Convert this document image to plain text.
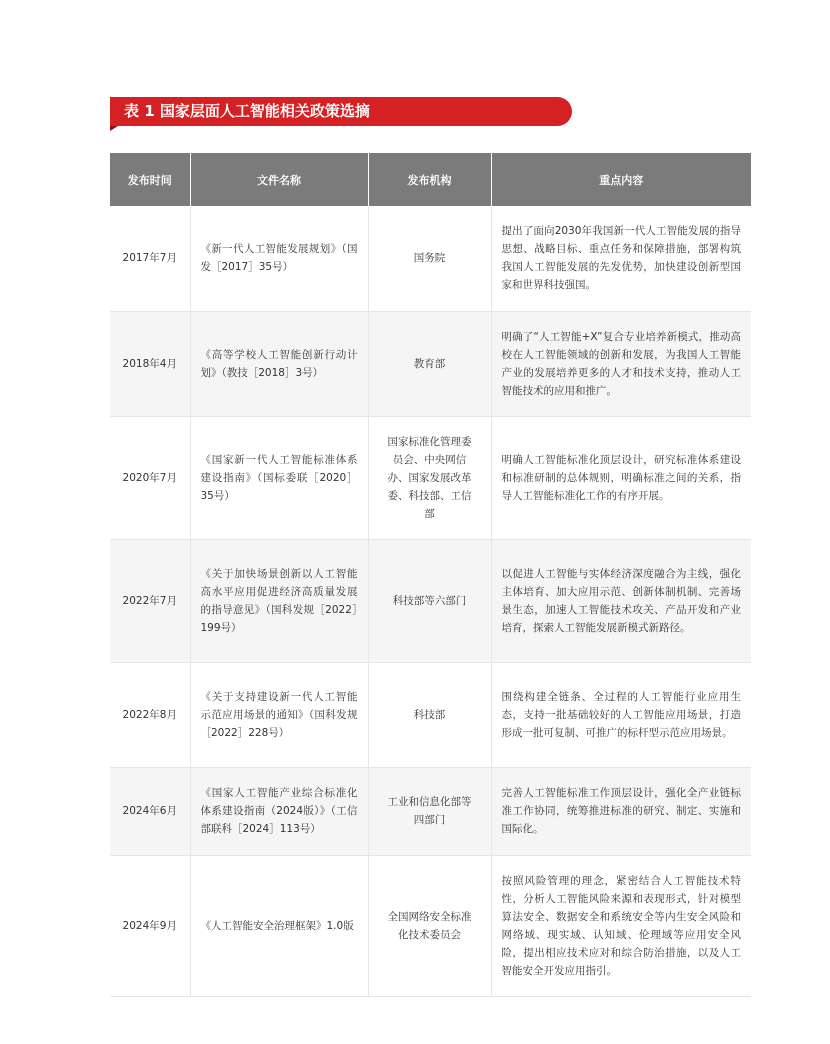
表 1 国家层面人工智能相关政策选摘
发布时间	文件名称	发布机构	重点内容
2017年7月	《新一代人工智能发展规划》（国发［2017］35号）	国务院	提出了面向2030年我国新一代人工智能发展的指导思想、战略目标、重点任务和保障措施，部署构筑我国人工智能发展的先发优势，加快建设创新型国家和世界科技强国。
2018年4月	《高等学校人工智能创新行动计划》（教技［2018］3号）	教育部	明确了“人工智能+X”复合专业培养新模式，推动高校在人工智能领域的创新和发展，为我国人工智能产业的发展培养更多的人才和技术支持，推动人工智能技术的应用和推广。
2020年7月	《国家新一代人工智能标准体系建设指南》（国标委联［2020］35号）	国家标准化管理委员会、中央网信办、国家发展改革委、科技部、工信部	明确人工智能标准化顶层设计，研究标准体系建设和标准研制的总体规则，明确标准之间的关系，指导人工智能标准化工作的有序开展。
2022年7月	《关于加快场景创新以人工智能高水平应用促进经济高质量发展的指导意见》（国科发规［2022］199号）	科技部等六部门	以促进人工智能与实体经济深度融合为主线，强化主体培育、加大应用示范、创新体制机制、完善场景生态，加速人工智能技术攻关、产品开发和产业培育，探索人工智能发展新模式新路径。
2022年8月	《关于支持建设新一代人工智能示范应用场景的通知》（国科发规［2022］228号）	科技部	围绕构建全链条、全过程的人工智能行业应用生态，支持一批基础较好的人工智能应用场景，打造形成一批可复制、可推广的标杆型示范应用场景。
2024年6月	《国家人工智能产业综合标准化体系建设指南（2024版）》（工信部联科［2024］113号）	工业和信息化部等四部门	完善人工智能标准工作顶层设计，强化全产业链标准工作协同，统筹推进标准的研究、制定、实施和国际化。
2024年9月	《人工智能安全治理框架》1.0版	全国网络安全标准化技术委员会	按照风险管理的理念，紧密结合人工智能技术特性，分析人工智能风险来源和表现形式，针对模型算法安全、数据安全和系统安全等内生安全风险和网络域、现实域、认知域、伦理域等应用安全风险，提出相应技术应对和综合防治措施，以及人工智能安全开发应用指引。
